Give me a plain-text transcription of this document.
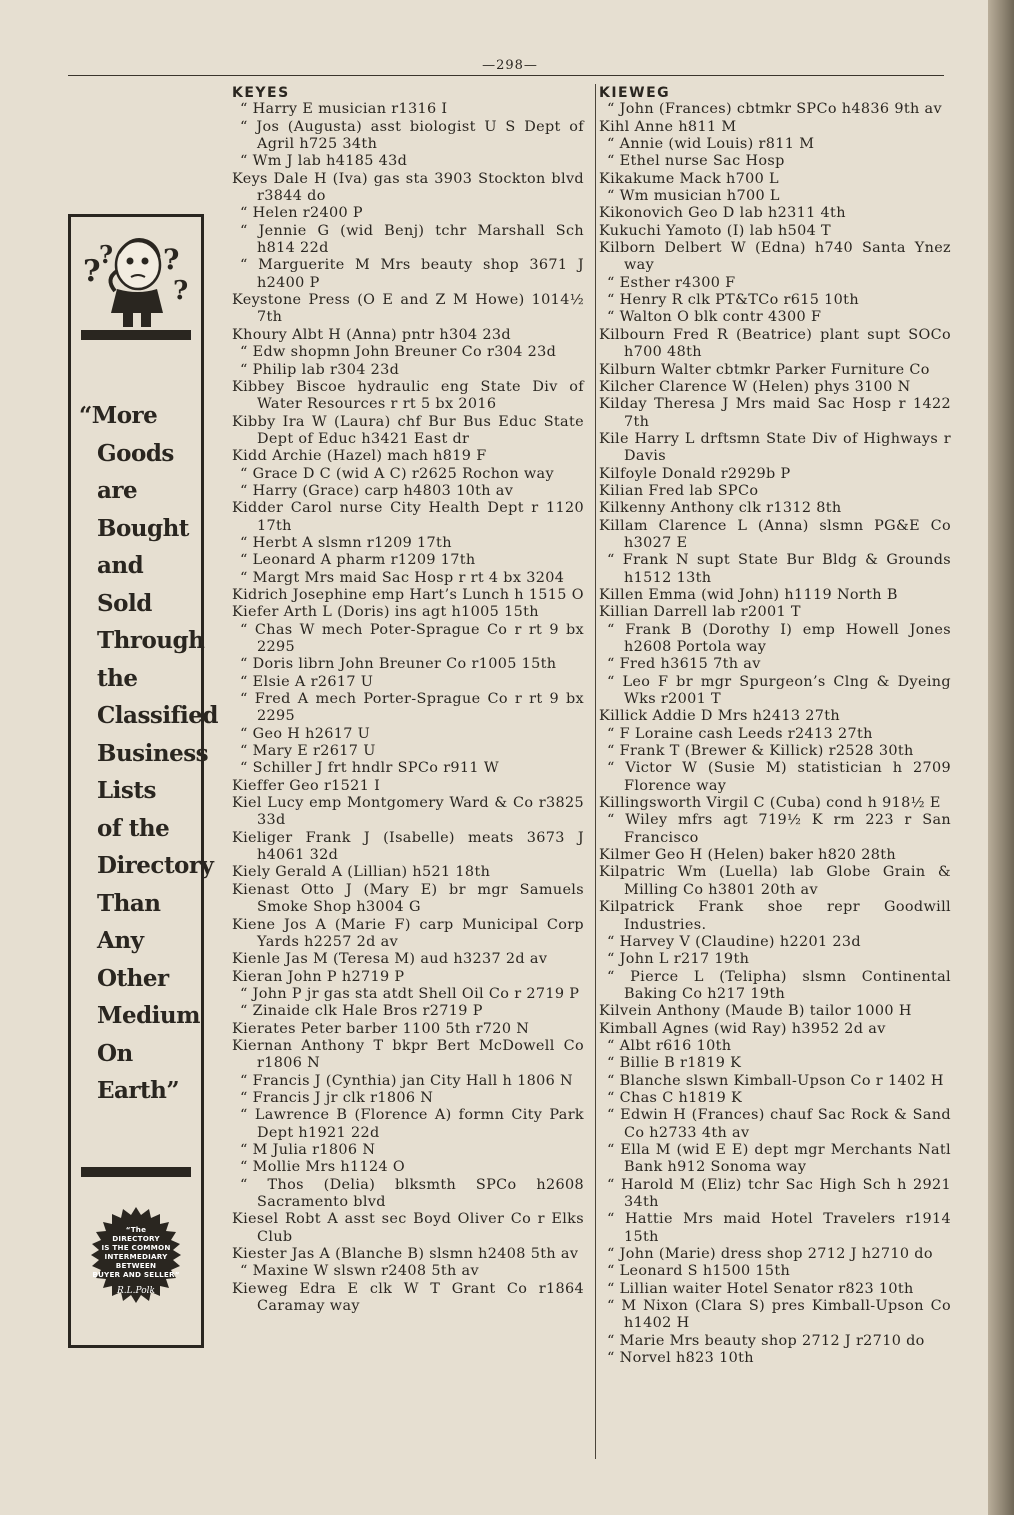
—298—
?
? ?
?
“More
Goods
are
Bought
and
Sold
Through
the
Classified
Business
Lists
of the
Directory
Than
Any
Other
Medium
On
Earth”
“The
DIRECTORY
IS THE COMMON
INTERMEDIARY
BETWEEN
BUYER AND SELLER”
R.L.Polk
KEYES
“ Harry E musician r1316 I
“ Jos (Augusta) asst biologist U S Dept of Agril h725 34th
“ Wm J lab h4185 43d
Keys Dale H (Iva) gas sta 3903 Stockton blvd r3844 do
“ Helen r2400 P
“ Jennie G (wid Benj) tchr Marshall Sch h814 22d
“ Marguerite M Mrs beauty shop 3671 J h2400 P
Keystone Press (O E and Z M Howe) 1014½ 7th
Khoury Albt H (Anna) pntr h304 23d
“ Edw shopmn John Breuner Co r304 23d
“ Philip lab r304 23d
Kibbey Biscoe hydraulic eng State Div of Water Resources r rt 5 bx 2016
Kibby Ira W (Laura) chf Bur Bus Educ State Dept of Educ h3421 East dr
Kidd Archie (Hazel) mach h819 F
“ Grace D C (wid A C) r2625 Rochon way
“ Harry (Grace) carp h4803 10th av
Kidder Carol nurse City Health Dept r 1120 17th
“ Herbt A slsmn r1209 17th
“ Leonard A pharm r1209 17th
“ Margt Mrs maid Sac Hosp r rt 4 bx 3204
Kidrich Josephine emp Hart’s Lunch h 1515 O
Kiefer Arth L (Doris) ins agt h1005 15th
“ Chas W mech Poter-Sprague Co r rt 9 bx 2295
“ Doris librn John Breuner Co r1005 15th
“ Elsie A r2617 U
“ Fred A mech Porter-Sprague Co r rt 9 bx 2295
“ Geo H h2617 U
“ Mary E r2617 U
“ Schiller J frt hndlr SPCo r911 W
Kieffer Geo r1521 I
Kiel Lucy emp Montgomery Ward & Co r3825 33d
Kieliger Frank J (Isabelle) meats 3673 J h4061 32d
Kiely Gerald A (Lillian) h521 18th
Kienast Otto J (Mary E) br mgr Samuels Smoke Shop h3004 G
Kiene Jos A (Marie F) carp Municipal Corp Yards h2257 2d av
Kienle Jas M (Teresa M) aud h3237 2d av
Kieran John P h2719 P
“ John P jr gas sta atdt Shell Oil Co r 2719 P
“ Zinaide clk Hale Bros r2719 P
Kierates Peter barber 1100 5th r720 N
Kiernan Anthony T bkpr Bert McDowell Co r1806 N
“ Francis J (Cynthia) jan City Hall h 1806 N
“ Francis J jr clk r1806 N
“ Lawrence B (Florence A) formn City Park Dept h1921 22d
“ M Julia r1806 N
“ Mollie Mrs h1124 O
“ Thos (Delia) blksmth SPCo h2608 Sacramento blvd
Kiesel Robt A asst sec Boyd Oliver Co r Elks Club
Kiester Jas A (Blanche B) slsmn h2408 5th av
“ Maxine W slswn r2408 5th av
Kieweg Edra E clk W T Grant Co r1864 Caramay way
KIEWEG
“ John (Frances) cbtmkr SPCo h4836 9th av
Kihl Anne h811 M
“ Annie (wid Louis) r811 M
“ Ethel nurse Sac Hosp
Kikakume Mack h700 L
“ Wm musician h700 L
Kikonovich Geo D lab h2311 4th
Kukuchi Yamoto (I) lab h504 T
Kilborn Delbert W (Edna) h740 Santa Ynez way
“ Esther r4300 F
“ Henry R clk PT&TCo r615 10th
“ Walton O blk contr 4300 F
Kilbourn Fred R (Beatrice) plant supt SOCo h700 48th
Kilburn Walter cbtmkr Parker Furniture Co
Kilcher Clarence W (Helen) phys 3100 N
Kilday Theresa J Mrs maid Sac Hosp r 1422 7th
Kile Harry L drftsmn State Div of Highways r Davis
Kilfoyle Donald r2929b P
Kilian Fred lab SPCo
Kilkenny Anthony clk r1312 8th
Killam Clarence L (Anna) slsmn PG&E Co h3027 E
“ Frank N supt State Bur Bldg & Grounds h1512 13th
Killen Emma (wid John) h1119 North B
Killian Darrell lab r2001 T
“ Frank B (Dorothy I) emp Howell Jones h2608 Portola way
“ Fred h3615 7th av
“ Leo F br mgr Spurgeon’s Clng & Dyeing Wks r2001 T
Killick Addie D Mrs h2413 27th
“ F Loraine cash Leeds r2413 27th
“ Frank T (Brewer & Killick) r2528 30th
“ Victor W (Susie M) statistician h 2709 Florence way
Killingsworth Virgil C (Cuba) cond h 918½ E
“ Wiley mfrs agt 719½ K rm 223 r San Francisco
Kilmer Geo H (Helen) baker h820 28th
Kilpatric Wm (Luella) lab Globe Grain & Milling Co h3801 20th av
Kilpatrick Frank shoe repr Goodwill Industries.
“ Harvey V (Claudine) h2201 23d
“ John L r217 19th
“ Pierce L (Telipha) slsmn Continental Baking Co h217 19th
Kilvein Anthony (Maude B) tailor 1000 H
Kimball Agnes (wid Ray) h3952 2d av
“ Albt r616 10th
“ Billie B r1819 K
“ Blanche slswn Kimball-Upson Co r 1402 H
“ Chas C h1819 K
“ Edwin H (Frances) chauf Sac Rock & Sand Co h2733 4th av
“ Ella M (wid E E) dept mgr Merchants Natl Bank h912 Sonoma way
“ Harold M (Eliz) tchr Sac High Sch h 2921 34th
“ Hattie Mrs maid Hotel Travelers r1914 15th
“ John (Marie) dress shop 2712 J h2710 do
“ Leonard S h1500 15th
“ Lillian waiter Hotel Senator r823 10th
“ M Nixon (Clara S) pres Kimball-Upson Co h1402 H
“ Marie Mrs beauty shop 2712 J r2710 do
“ Norvel h823 10th
